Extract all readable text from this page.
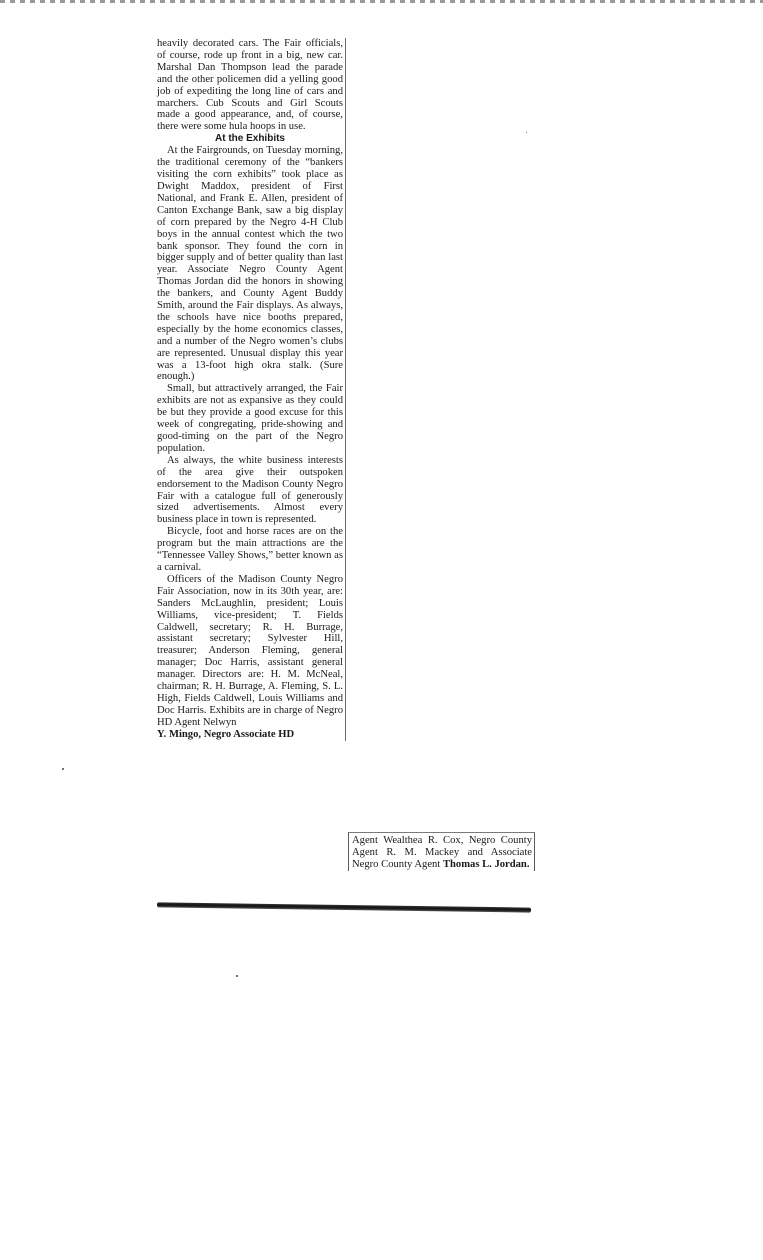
heavily decorated cars. The Fair officials, of course, rode up front in a big, new car. Marshal Dan Thompson lead the parade and the other policemen did a yelling good job of expediting the long line of cars and marchers. Cub Scouts and Girl Scouts made a good appearance, and, of course, there were some hula hoops in use.

At the Exhibits

At the Fairgrounds, on Tuesday morning, the traditional ceremony of the “bankers visiting the corn exhibits” took place as Dwight Maddox, president of First National, and Frank E. Allen, president of Canton Exchange Bank, saw a big display of corn prepared by the Negro 4-H Club boys in the annual contest which the two bank sponsor. They found the corn in bigger supply and of better quality than last year. Associate Negro County Agent Thomas Jordan did the honors in showing the bankers, and County Agent Buddy Smith, around the Fair displays. As always, the schools have nice booths prepared, especially by the home economics classes, and a number of the Negro women’s clubs are represented. Unusual display this year was a 13-foot high okra stalk. (Sure enough.)

Small, but attractively arranged, the Fair exhibits are not as expansive as they could be but they provide a good excuse for this week of congregating, pride-showing and good-timing on the part of the Negro population.

As always, the white business interests of the area give their outspoken endorsement to the Madison County Negro Fair with a catalogue full of generously sized advertisements. Almost every business place in town is represented.

Bicycle, foot and horse races are on the program but the main attractions are the “Tennessee Valley Shows,” better known as a carnival.

Officers of the Madison County Negro Fair Association, now in its 30th year, are: Sanders McLaughlin, president; Louis Williams, vice-president; T. Fields Caldwell, secretary; R. H. Burrage, assistant secretary; Sylvester Hill, treasurer; Anderson Fleming, general manager; Doc Harris, assistant general manager. Directors are: H. M. McNeal, chairman; R. H. Burrage, A. Fleming, S. L. High, Fields Caldwell, Louis Williams and Doc Harris. Exhibits are in charge of Negro HD Agent Nelwyn

Y. Mingo, Negro Associate HD

Agent Wealthea R. Cox, Negro County Agent R. M. Mackey and Associate Negro County Agent Thomas L. Jordan.
